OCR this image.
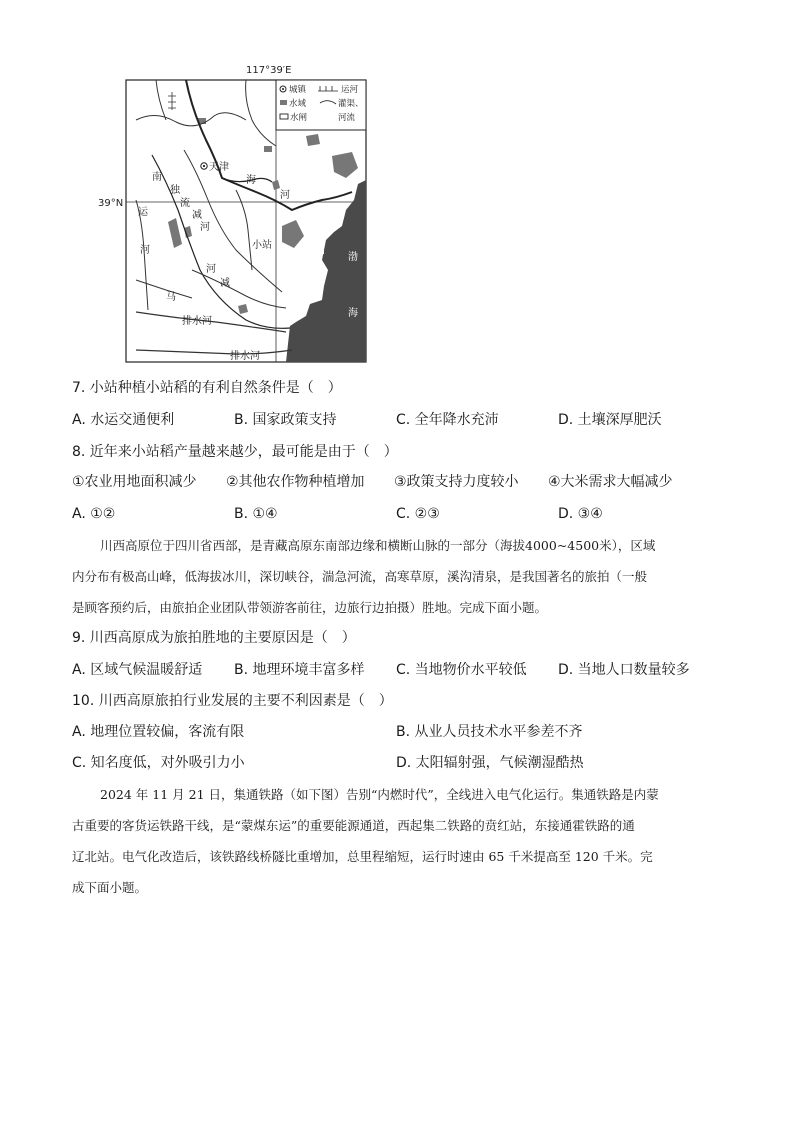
117°39′E
39°N
城镇	运河
水域	灌渠、
水闸	河流
天津
海
河
南
独
流
减
河
运
河	小站
河
减
马
排水河
排水河
渤
海
7. 小站种植小站稻的有利自然条件是（　）
A. 水运交通便利	B. 国家政策支持	C. 全年降水充沛	D. 土壤深厚肥沃
8. 近年来小站稻产量越来越少，最可能是由于（　）
①农业用地面积减少 ②其他农作物种植增加 ③政策支持力度较小 ④大米需求大幅减少
A. ①②	B. ①④	C. ②③	D. ③④
川西高原位于四川省西部，是青藏高原东南部边缘和横断山脉的一部分（海拔4000~4500米），区域
内分布有极高山峰，低海拔冰川，深切峡谷，湍急河流，高寒草原，溪沟清泉，是我国著名的旅拍（一般
是顾客预约后，由旅拍企业团队带领游客前往，边旅行边拍摄）胜地。完成下面小题。
9. 川西高原成为旅拍胜地的主要原因是（　）
A. 区域气候温暖舒适 B. 地理环境丰富多样 C. 当地物价水平较低 D. 当地人口数量较多
10. 川西高原旅拍行业发展的主要不利因素是（　）
A. 地理位置较偏，客流有限	B. 从业人员技术水平参差不齐
C. 知名度低，对外吸引力小	D. 太阳辐射强，气候潮湿酷热
2024 年 11 月 21 日，集通铁路（如下图）告别“内燃时代”，全线进入电气化运行。集通铁路是内蒙
古重要的客货运铁路干线，是“蒙煤东运”的重要能源通道，西起集二铁路的贲红站，东接通霍铁路的通
辽北站。电气化改造后，该铁路线桥隧比重增加，总里程缩短，运行时速由 65 千米提高至 120 千米。完
成下面小题。
